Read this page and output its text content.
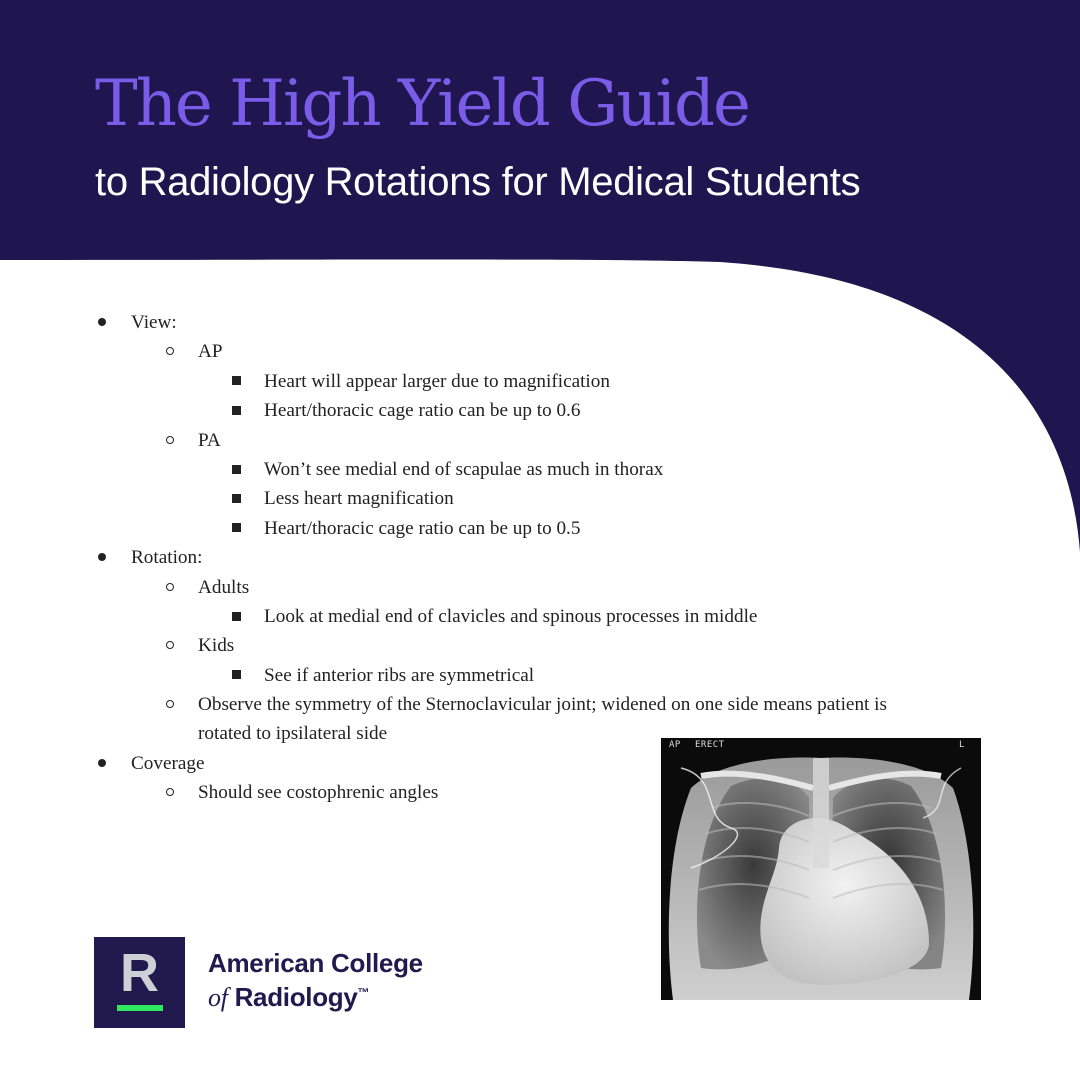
The High Yield Guide
to Radiology Rotations for Medical Students
View:
AP
Heart will appear larger due to magnification
Heart/thoracic cage ratio can be up to 0.6
PA
Won’t see medial end of scapulae as much in thorax
Less heart magnification
Heart/thoracic cage ratio can be up to 0.5
Rotation:
Adults
Look at medial end of clavicles and spinous processes in middle
Kids
See if anterior ribs are symmetrical
Observe the symmetry of the Sternoclavicular joint; widened on one side means patient is rotated to ipsilateral side
Coverage
Should see costophrenic angles
AP ERECT	L
R	American College
of Radiology™
